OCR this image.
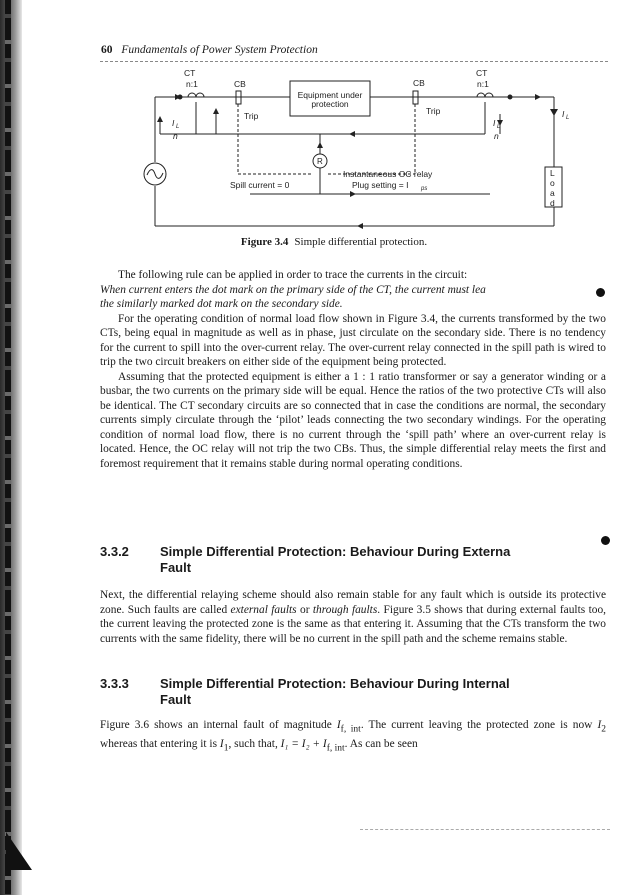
60 Fundamentals of Power System Protection
CT
n:1	CB
Equipment under
protection
CB
CT
n:1
Trip	Trip
I L
n
I L
n
I L
L
o
a
d
R
Instantaneous OC relay
Plug setting = I ps
Spill current = 0
Figure 3.4 Simple differential protection.

The following rule can be applied in order to trace the currents in the circuit:

When current enters the dot mark on the primary side of the CT, the current must lea

the similarly marked dot mark on the secondary side.

For the operating condition of normal load flow shown in Figure 3.4, the currents transformed by the two CTs, being equal in magnitude as well as in phase, just circulate on the secondary side. There is no tendency for the current to spill into the over-current relay. The over-current relay connected in the spill path is wired to trip the two circuit breakers on either side of the equipment being protected.

Assuming that the protected equipment is either a 1 : 1 ratio transformer or say a generator winding or a busbar, the two currents on the primary side will be equal. Hence the ratios of the two protective CTs will also be identical. The CT secondary circuits are so connected that in case the conditions are normal, the secondary currents simply circulate through the ‘pilot’ leads connecting the two secondary windings. For the operating condition of normal load flow, there is no current through the ‘spill path’ where an over-current relay is located. Hence, the OC relay will not trip the two CBs. Thus, the simple differential relay meets the first and foremost requirement that it remains stable during normal operating conditions.

3.3.2 Simple Differential Protection: Behaviour During Externa
Fault

Next, the differential relaying scheme should also remain stable for any fault which is outside its protective zone. Such faults are called external faults or through faults. Figure 3.5 shows that during external faults too, the current leaving the protected zone is the same as that entering it. Assuming that the CTs transform the two currents with the same fidelity, there will be no current in the spill path and the scheme remains stable.

3.3.3 Simple Differential Protection: Behaviour During Internal
Fault

Figure 3.6 shows an internal fault of magnitude $I_{f, int}$. The current leaving the protected zone is now $I_2$ whereas that entering it is $I_1$, such that, $I_1 = I_2 + I_{f, int}$. As can be seen
